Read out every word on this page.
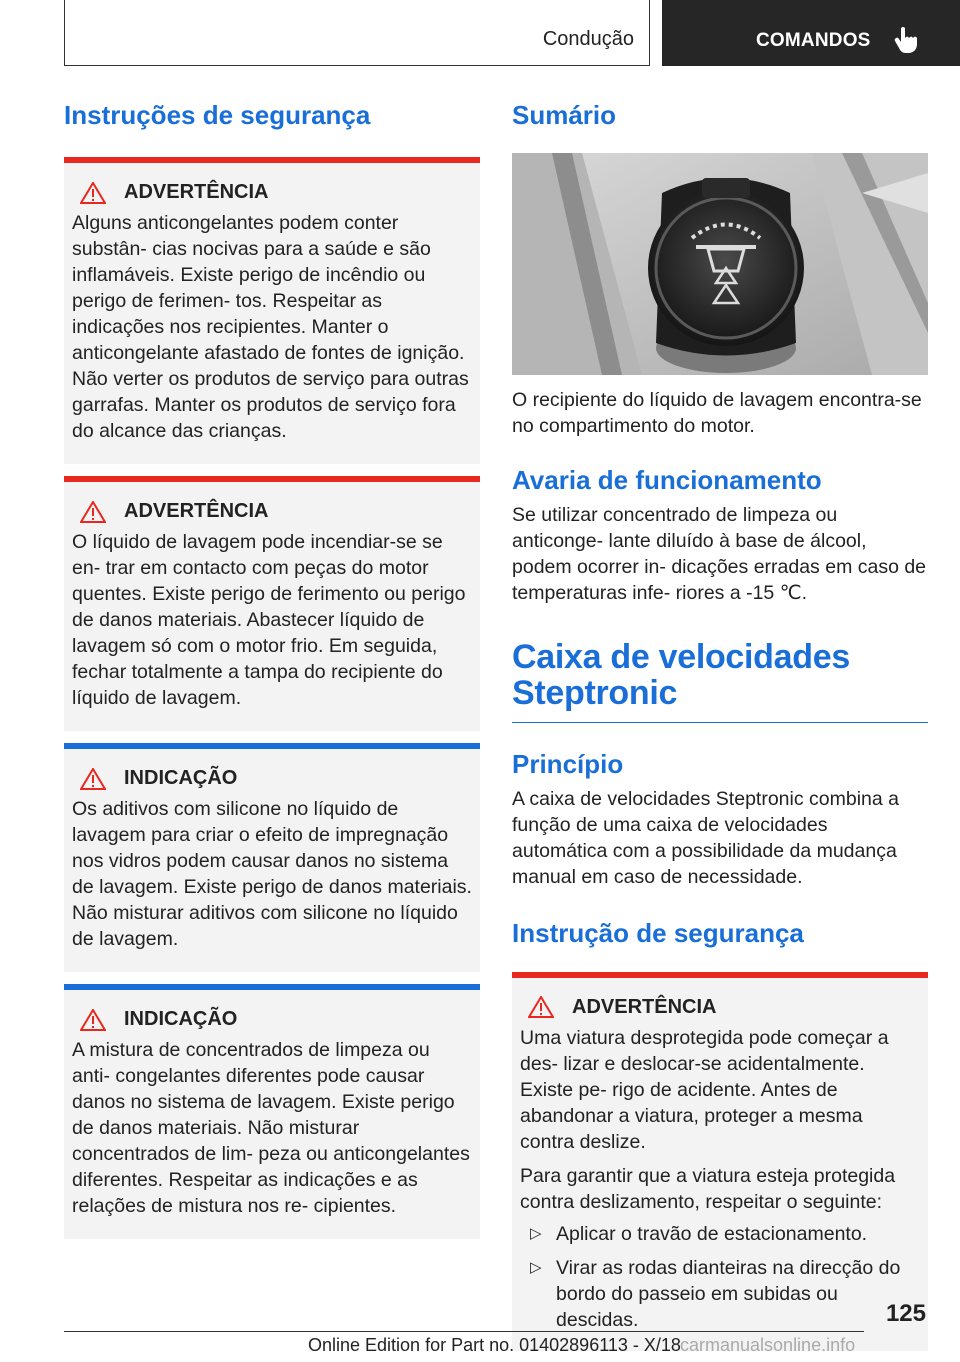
Condução	COMANDOS
Instruções de segurança
ADVERTÊNCIA

Alguns anticongelantes podem conter substân- cias nocivas para a saúde e são inflamáveis. Existe perigo de incêndio ou perigo de ferimen- tos. Respeitar as indicações nos recipientes. Manter o anticongelante afastado de fontes de ignição. Não verter os produtos de serviço para outras garrafas. Manter os produtos de serviço fora do alcance das crianças.

ADVERTÊNCIA

O líquido de lavagem pode incendiar-se se en- trar em contacto com peças do motor quentes. Existe perigo de ferimento ou perigo de danos materiais. Abastecer líquido de lavagem só com o motor frio. Em seguida, fechar totalmente a tampa do recipiente do líquido de lavagem.

INDICAÇÃO

Os aditivos com silicone no líquido de lavagem para criar o efeito de impregnação nos vidros podem causar danos no sistema de lavagem. Existe perigo de danos materiais. Não misturar aditivos com silicone no líquido de lavagem.

INDICAÇÃO

A mistura de concentrados de limpeza ou anti- congelantes diferentes pode causar danos no sistema de lavagem. Existe perigo de danos materiais. Não misturar concentrados de lim- peza ou anticongelantes diferentes. Respeitar as indicações e as relações de mistura nos re- cipientes.

Sumário

O recipiente do líquido de lavagem encontra-se no compartimento do motor.

Avaria de funcionamento

Se utilizar concentrado de limpeza ou anticonge- lante diluído à base de álcool, podem ocorrer in- dicações erradas em caso de temperaturas infe- riores a -15 ℃.

Caixa de velocidades
Steptronic
Princípio

A caixa de velocidades Steptronic combina a função de uma caixa de velocidades automática com a possibilidade da mudança manual em caso de necessidade.

Instrução de segurança
ADVERTÊNCIA

Uma viatura desprotegida pode começar a des- lizar e deslocar-se acidentalmente. Existe pe- rigo de acidente. Antes de abandonar a viatura, proteger a mesma contra deslize.

Para garantir que a viatura esteja protegida contra deslizamento, respeitar o seguinte:

▷ Aplicar o travão de estacionamento.
▷ Virar as rodas dianteiras na direcção do bordo do passeio em subidas ou descidas.	125
Online Edition for Part no. 01402896113 - X/18 carmanualsonline.info
